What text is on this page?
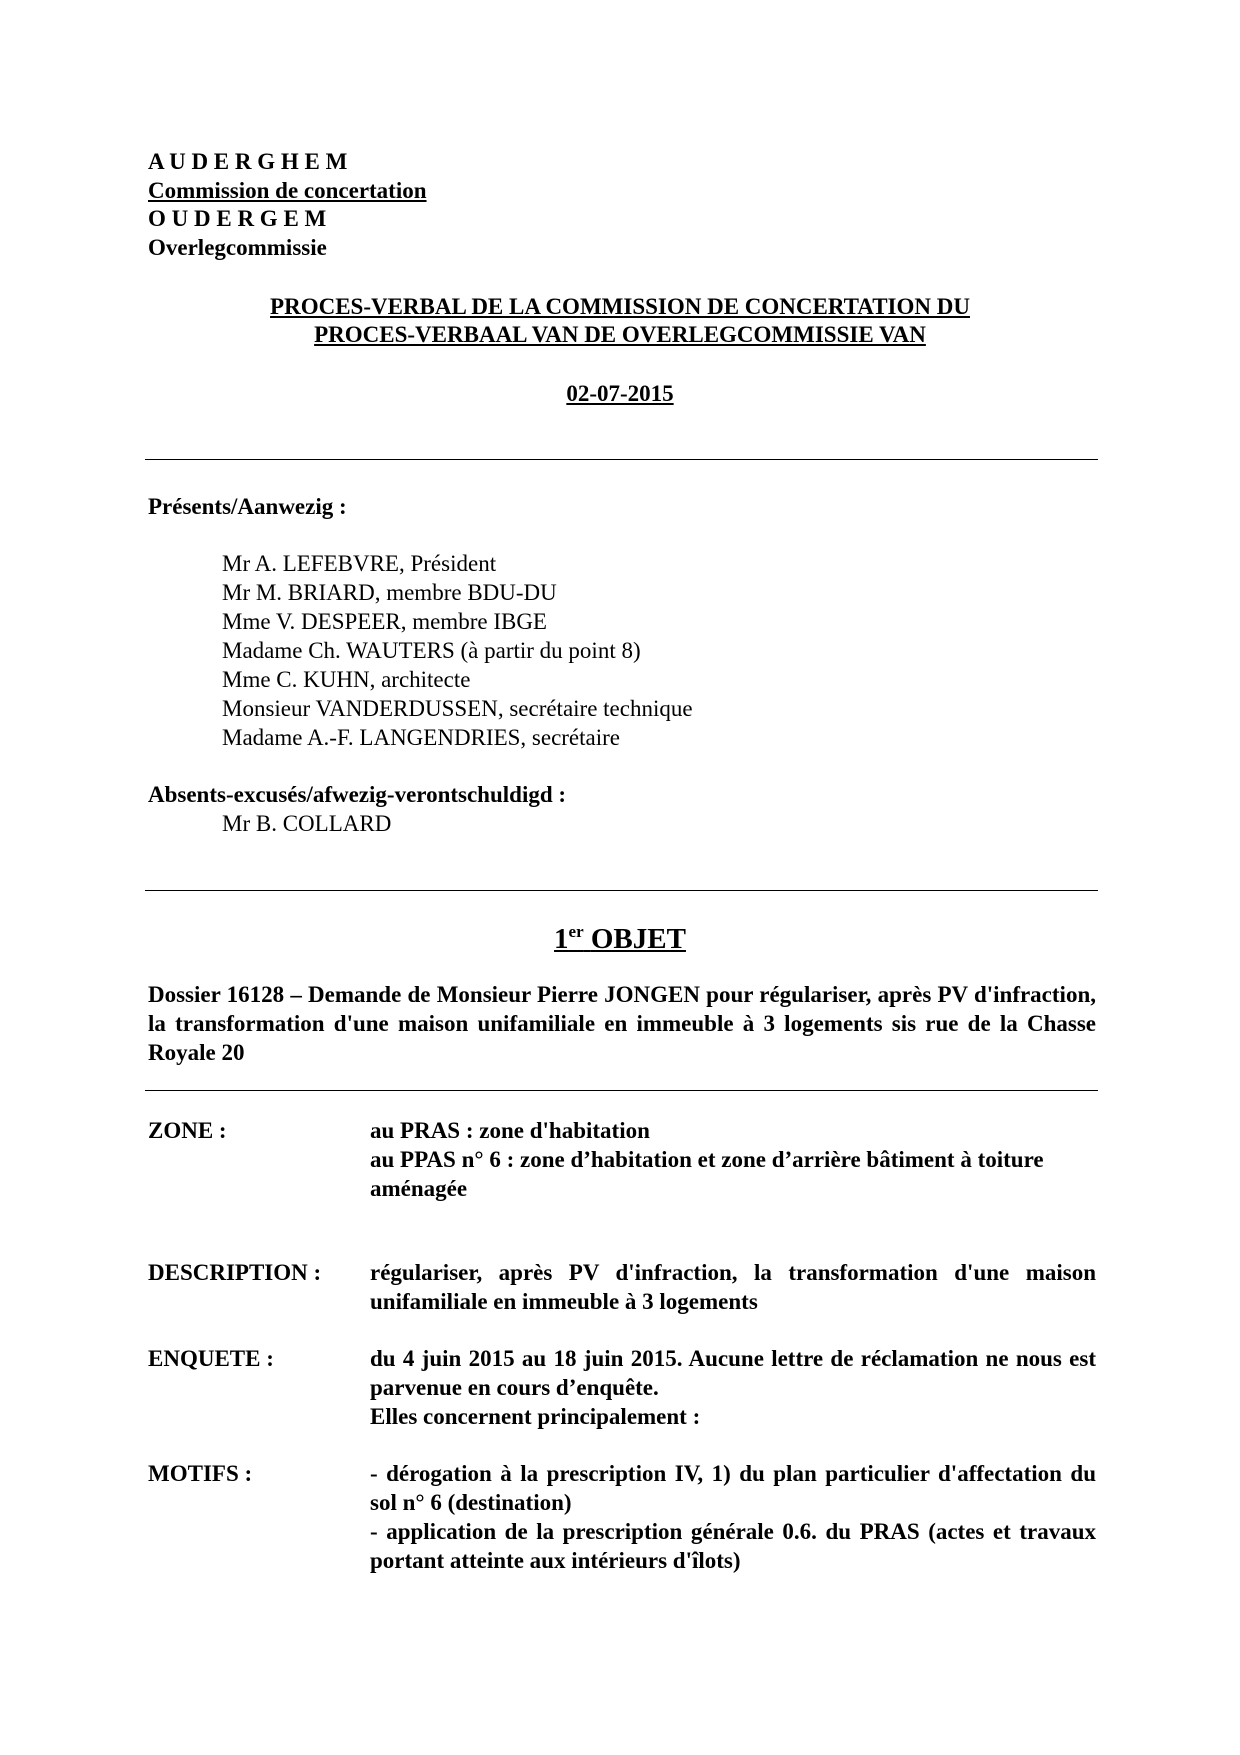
A U D E R G H E M
Commission de concertation
O U D E R G E M
Overlegcommissie
PROCES-VERBAL DE LA COMMISSION DE CONCERTATION DU
PROCES-VERBAAL VAN DE OVERLEGCOMMISSIE VAN
02-07-2015
Présents/Aanwezig :
Mr A. LEFEBVRE, Président
Mr M. BRIARD, membre BDU-DU
Mme V. DESPEER, membre IBGE
Madame Ch. WAUTERS (à partir du point 8)
Mme C. KUHN, architecte
Monsieur VANDERDUSSEN, secrétaire technique
Madame A.-F. LANGENDRIES, secrétaire
Absents-excusés/afwezig-verontschuldigd :
Mr B. COLLARD
1er OBJET
Dossier 16128 – Demande de Monsieur Pierre JONGEN pour régulariser, après PV d'infraction, la transformation d'une maison unifamiliale en immeuble à 3 logements sis rue de la Chasse Royale 20
ZONE :	au PRAS : zone d'habitation
au PPAS n° 6 : zone d’habitation et zone d’arrière bâtiment à toiture aménagée
DESCRIPTION : régulariser, après PV d'infraction, la transformation d'une maison unifamiliale en immeuble à 3 logements
ENQUETE :	du 4 juin 2015 au 18 juin 2015. Aucune lettre de réclamation ne nous est parvenue en cours d’enquête.
Elles concernent principalement :
MOTIFS :	- dérogation à la prescription IV, 1) du plan particulier d'affectation du sol n° 6 (destination)
- application de la prescription générale 0.6. du PRAS (actes et travaux portant atteinte aux intérieurs d'îlots)
